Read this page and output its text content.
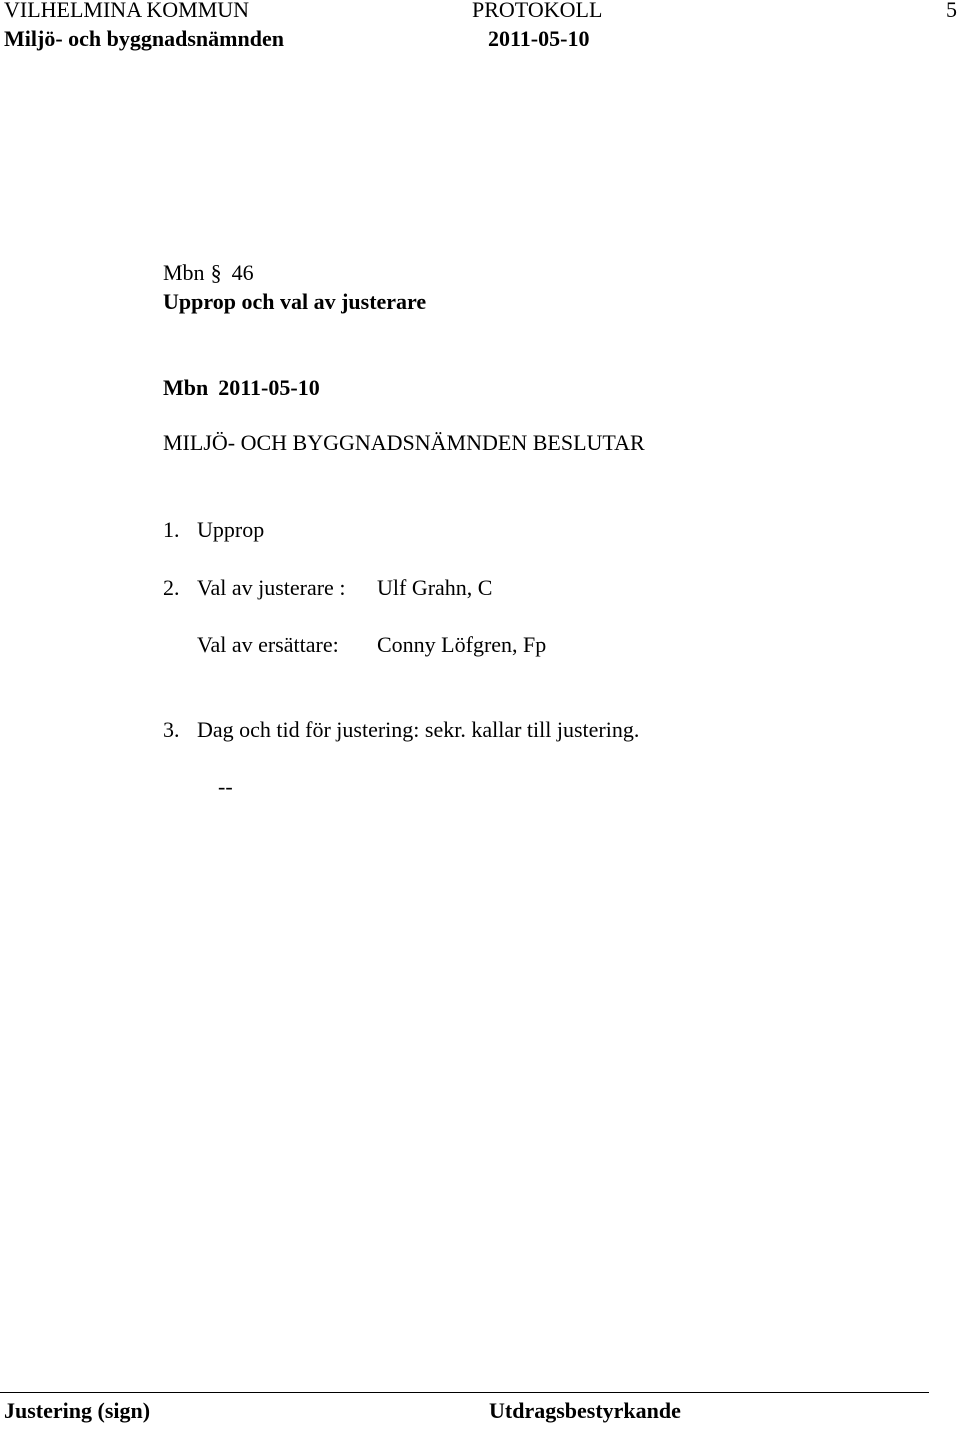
VILHELMINA KOMMUN
Miljö- och byggnadsnämnden
PROTOKOLL
2011-05-10
5
Mbn § 46
Upprop och val av justerare
Mbn 2011-05-10
MILJÖ- OCH BYGGNADSNÄMNDEN BESLUTAR
1. Upprop
2. Val av justerare : Ulf Grahn, C
Val av ersättare: Conny Löfgren, Fp
3. Dag och tid för justering: sekr. kallar till justering.
--
Justering (sign)	Utdragsbestyrkande
